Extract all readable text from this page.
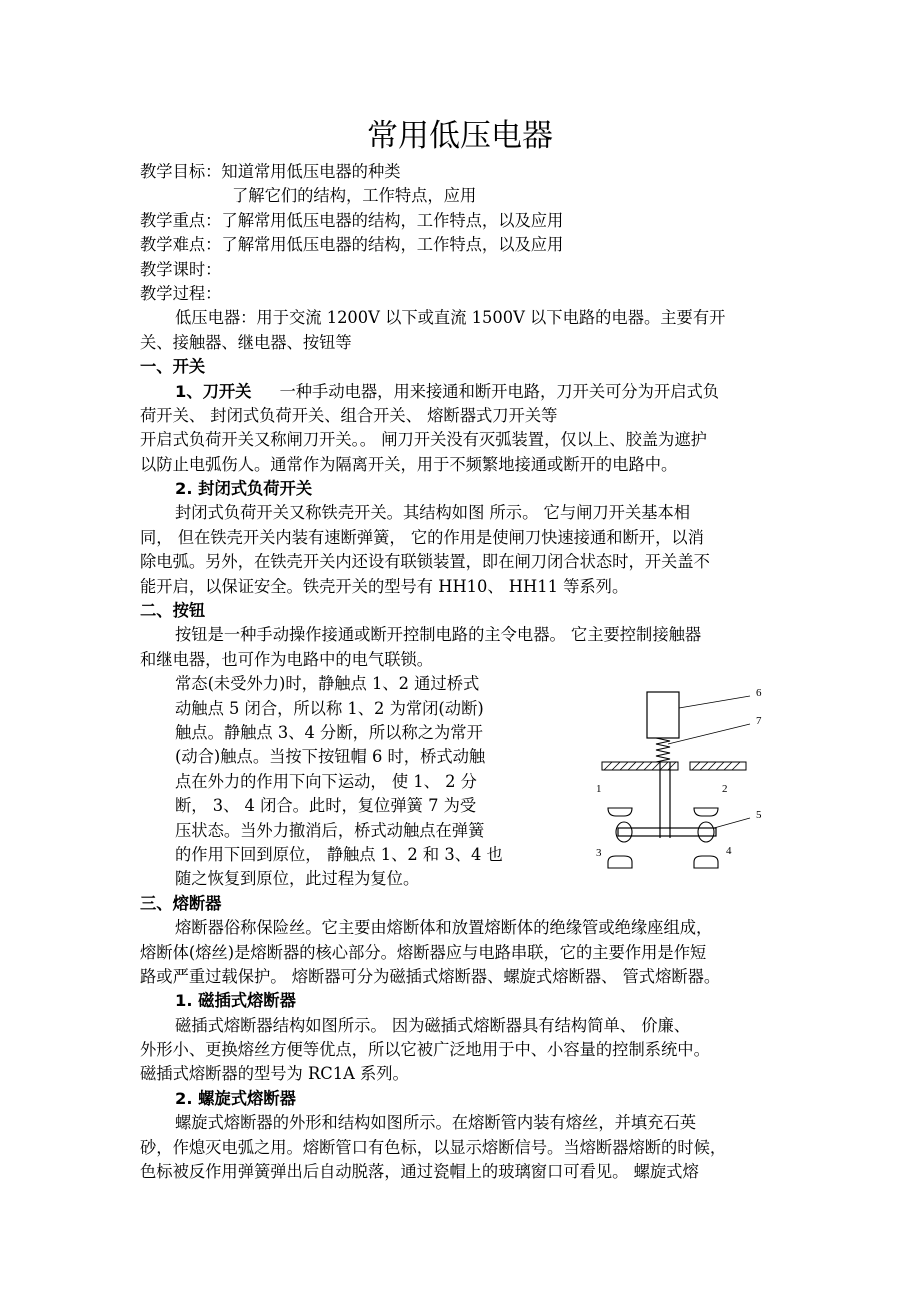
常用低压电器
教学目标：知道常用低压电器的种类
了解它们的结构，工作特点，应用
教学重点：了解常用低压电器的结构，工作特点，以及应用
教学难点：了解常用低压电器的结构，工作特点，以及应用
教学课时：
教学过程：
低压电器：用于交流 1200V 以下或直流 1500V 以下电路的电器。主要有开
关、接触器、继电器、按钮等
一、开关
1、刀开关 一种手动电器，用来接通和断开电路，刀开关可分为开启式负
荷开关、 封闭式负荷开关、组合开关、 熔断器式刀开关等
开启式负荷开关又称闸刀开关。。 闸刀开关没有灭弧装置，仅以上、胶盖为遮护
以防止电弧伤人。通常作为隔离开关，用于不频繁地接通或断开的电路中。
2. 封闭式负荷开关
封闭式负荷开关又称铁壳开关。其结构如图 所示。 它与闸刀开关基本相
同， 但在铁壳开关内装有速断弹簧， 它的作用是使闸刀快速接通和断开，以消
除电弧。另外，在铁壳开关内还设有联锁装置，即在闸刀闭合状态时，开关盖不
能开启，以保证安全。铁壳开关的型号有 HH10、 HH11 等系列。
二、按钮
按钮是一种手动操作接通或断开控制电路的主令电器。 它主要控制接触器
和继电器，也可作为电路中的电气联锁。
常态(未受外力)时，静触点 1、2 通过桥式
动触点 5 闭合，所以称 1、2 为常闭(动断)
触点。静触点 3、4 分断，所以称之为常开
(动合)触点。当按下按钮帽 6 时，桥式动触
点在外力的作用下向下运动， 使 1、 2 分
断， 3、 4 闭合。此时，复位弹簧 7 为受
压状态。当外力撤消后，桥式动触点在弹簧
的作用下回到原位， 静触点 1、2 和 3、4 也
随之恢复到原位，此过程为复位。
三、熔断器
熔断器俗称保险丝。它主要由熔断体和放置熔断体的绝缘管或绝缘座组成，
熔断体(熔丝)是熔断器的核心部分。熔断器应与电路串联，它的主要作用是作短
路或严重过载保护。 熔断器可分为磁插式熔断器、螺旋式熔断器、 管式熔断器。
1. 磁插式熔断器
磁插式熔断器结构如图所示。 因为磁插式熔断器具有结构简单、 价廉、
外形小、更换熔丝方便等优点，所以它被广泛地用于中、小容量的控制系统中。
磁插式熔断器的型号为 RC1A 系列。
2. 螺旋式熔断器
螺旋式熔断器的外形和结构如图所示。在熔断管内装有熔丝，并填充石英
砂，作熄灭电弧之用。熔断管口有色标，以显示熔断信号。当熔断器熔断的时候，
色标被反作用弹簧弹出后自动脱落，通过瓷帽上的玻璃窗口可看见。 螺旋式熔
6
7
1	2
5
3	4
